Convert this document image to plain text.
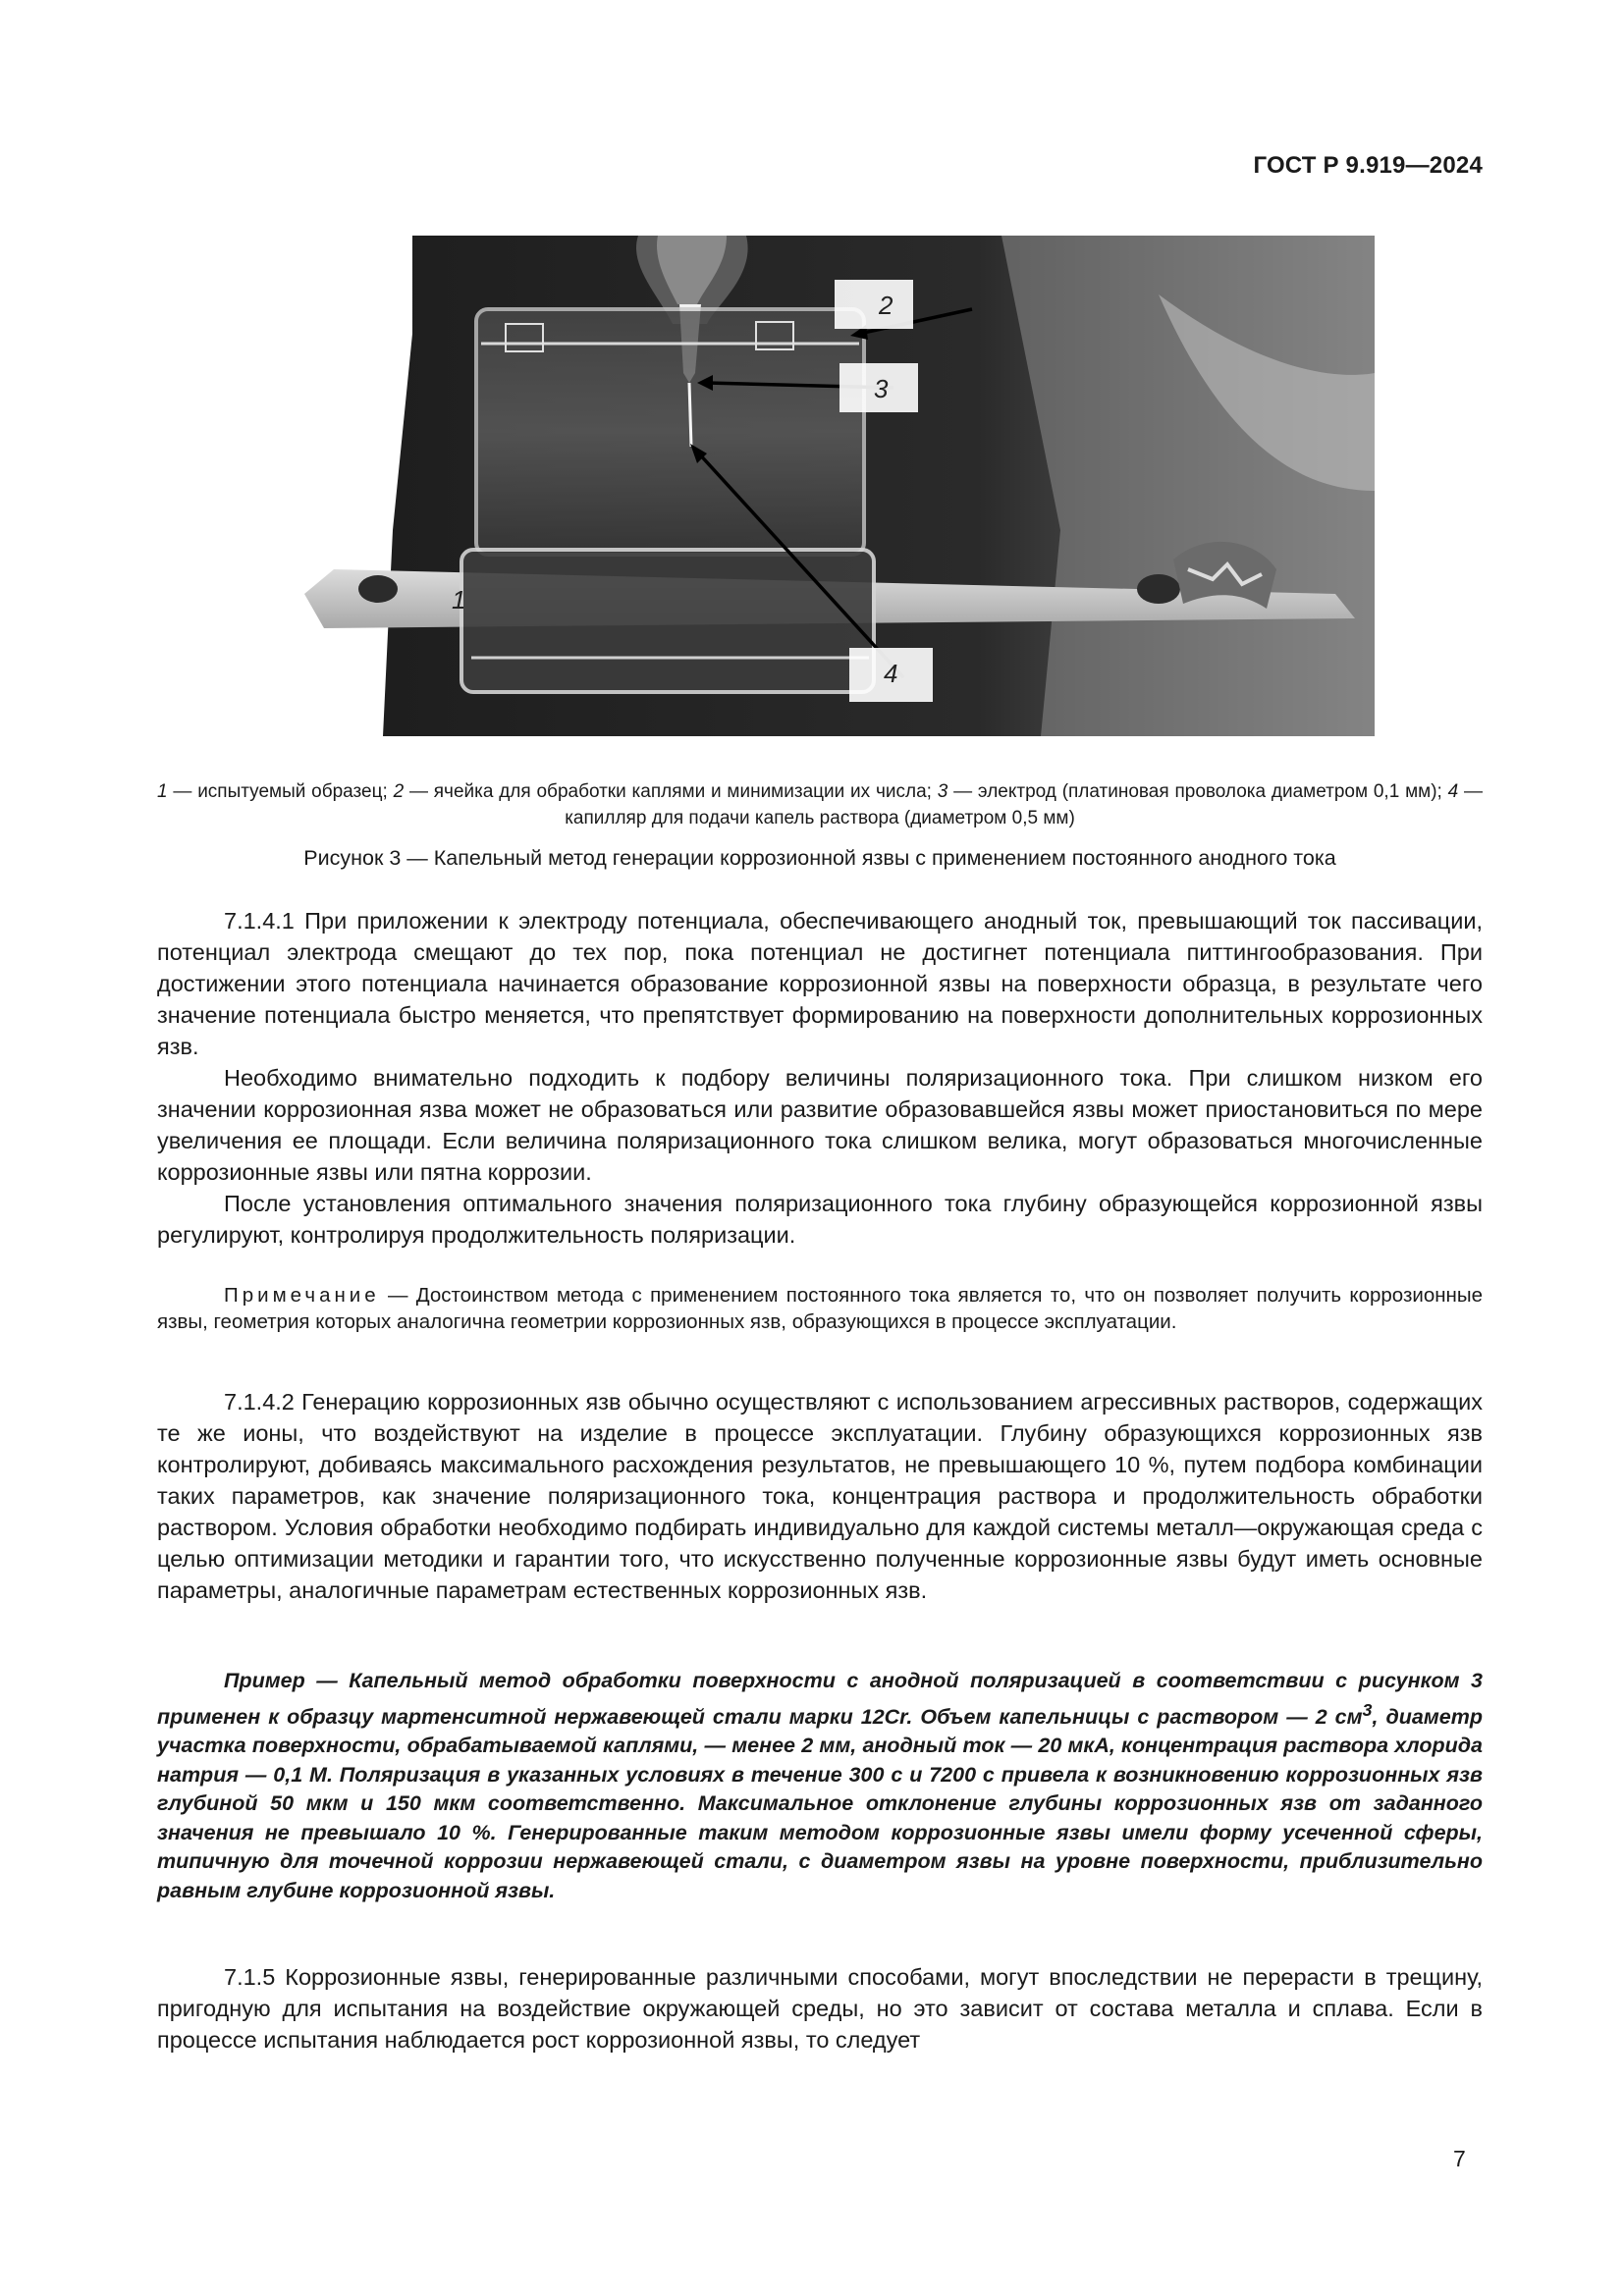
ГОСТ Р 9.919—2024
2
3
4
1
1 — испытуемый образец; 2 — ячейка для обработки каплями и минимизации их числа; 3 — электрод (платиновая проволока диаметром 0,1 мм); 4 — капилляр для подачи капель раствора (диаметром 0,5 мм)
Рисунок 3 — Капельный метод генерации коррозионной язвы с применением постоянного анодного тока

7.1.4.1 При приложении к электроду потенциала, обеспечивающего анодный ток, превышающий ток пассивации, потенциал электрода смещают до тех пор, пока потенциал не достигнет потенциала питтингообразования. При достижении этого потенциала начинается образование коррозионной язвы на поверхности образца, в результате чего значение потенциала быстро меняется, что препятствует формированию на поверхности дополнительных коррозионных язв.

Необходимо внимательно подходить к подбору величины поляризационного тока. При слишком низком его значении коррозионная язва может не образоваться или развитие образовавшейся язвы может приостановиться по мере увеличения ее площади. Если величина поляризационного тока слишком велика, могут образоваться многочисленные коррозионные язвы или пятна коррозии.

После установления оптимального значения поляризационного тока глубину образующейся коррозионной язвы регулируют, контролируя продолжительность поляризации.

Примечание — Достоинством метода с применением постоянного тока является то, что он позволяет получить коррозионные язвы, геометрия которых аналогична геометрии коррозионных язв, образующихся в процессе эксплуатации.

7.1.4.2 Генерацию коррозионных язв обычно осуществляют с использованием агрессивных растворов, содержащих те же ионы, что воздействуют на изделие в процессе эксплуатации. Глубину образующихся коррозионных язв контролируют, добиваясь максимального расхождения результатов, не превышающего 10 %, путем подбора комбинации таких параметров, как значение поляризационного тока, концентрация раствора и продолжительность обработки раствором. Условия обработки необходимо подбирать индивидуально для каждой системы металл—окружающая среда с целью оптимизации методики и гарантии того, что искусственно полученные коррозионные язвы будут иметь основные параметры, аналогичные параметрам естественных коррозионных язв.

Пример — Капельный метод обработки поверхности с анодной поляризацией в соответствии с рисунком 3 применен к образцу мартенситной нержавеющей стали марки 12Cr. Объем капельницы с раствором — 2 $см^3$, диаметр участка поверхности, обрабатываемой каплями, — менее 2 мм, анодный ток — 20 мкА, концентрация раствора хлорида натрия — 0,1 М. Поляризация в указанных условиях в течение 300 с и 7200 с привела к возникновению коррозионных язв глубиной 50 мкм и 150 мкм соответственно. Максимальное отклонение глубины коррозионных язв от заданного значения не превышало 10 %. Генерированные таким методом коррозионные язвы имели форму усеченной сферы, типичную для точечной коррозии нержавеющей стали, с диаметром язвы на уровне поверхности, приблизительно равным глубине коррозионной язвы.

7.1.5 Коррозионные язвы, генерированные различными способами, могут впоследствии не перерасти в трещину, пригодную для испытания на воздействие окружающей среды, но это зависит от состава металла и сплава. Если в процессе испытания наблюдается рост коррозионной язвы, то следует

7
